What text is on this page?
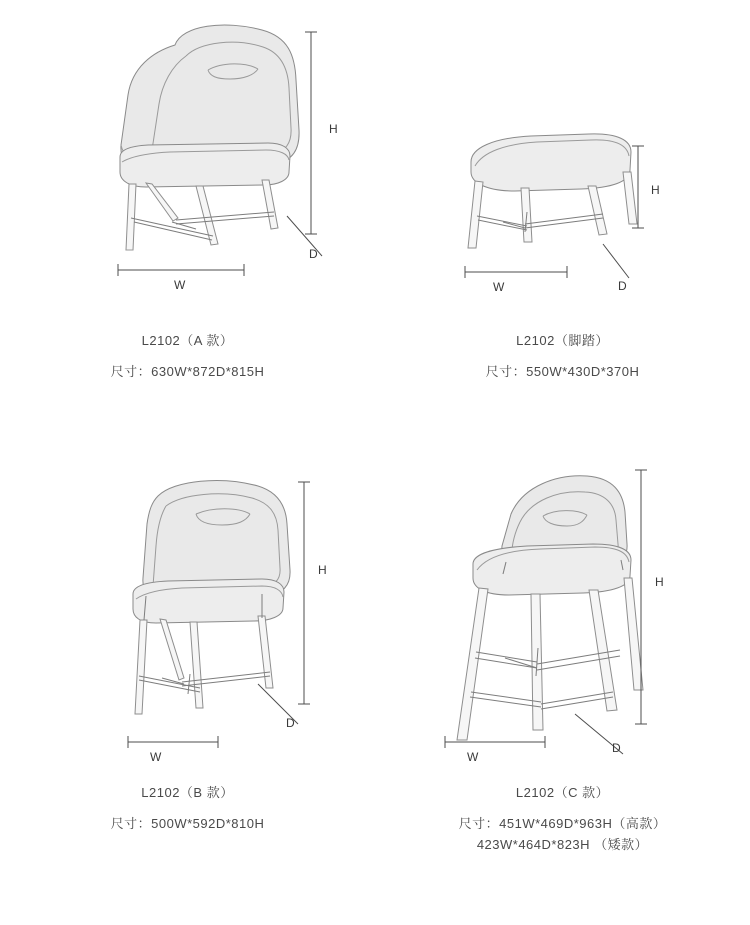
H
D
W
L2102（A 款）
尺寸：630W*872D*815H
H
D
W
L2102（脚踏）
尺寸：550W*430D*370H
H
D
W
L2102（B 款）
尺寸：500W*592D*810H
H
D
W
L2102（C 款）
尺寸：451W*469D*963H（高款）
423W*464D*823H （矮款）
